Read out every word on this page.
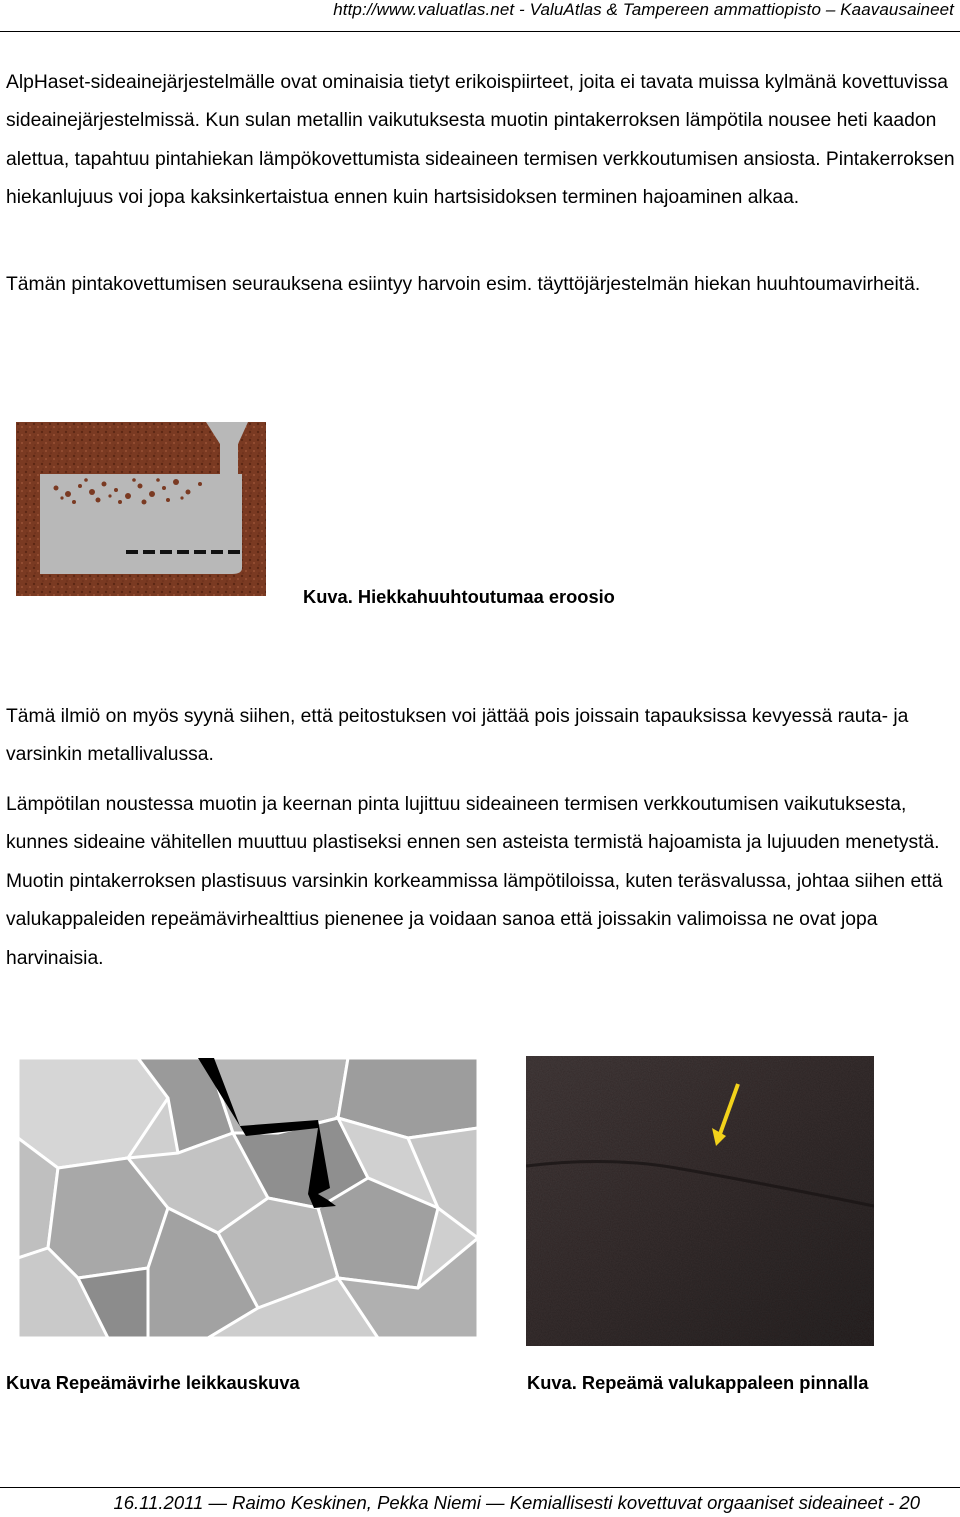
http://www.valuatlas.net - ValuAtlas & Tampereen ammattiopisto – Kaavausaineet

AlpHaset-sideainejärjestelmälle ovat ominaisia tietyt erikoispiirteet, joita ei tavata muissa kylmänä kovettuvissa sideainejärjestelmissä. Kun sulan metallin vaikutuksesta muotin pintakerroksen lämpötila nousee heti kaadon alettua, tapahtuu pintahiekan lämpökovettumista sideaineen termisen verkkoutumisen ansiosta. Pintakerroksen hiekanlujuus voi jopa kaksinkertaistua ennen kuin hartsisidoksen terminen hajoaminen alkaa.

Tämän pintakovettumisen seurauksena esiintyy harvoin esim. täyttöjärjestelmän hiekan huuhtoumavirheitä.

Kuva. Hiekkahuuhtoutumaa eroosio

Tämä ilmiö on myös syynä siihen, että peitostuksen voi jättää pois joissain tapauksissa kevyessä rauta- ja varsinkin metallivalussa.

Lämpötilan noustessa muotin ja keernan pinta lujittuu sideaineen termisen verkkoutumisen vaikutuksesta, kunnes sideaine vähitellen muuttuu plastiseksi ennen sen asteista termistä hajoamista ja lujuuden menetystä. Muotin pintakerroksen plastisuus varsinkin korkeammissa lämpötiloissa, kuten teräsvalussa, johtaa siihen että valukappaleiden repeämävirhealttius pienenee ja voidaan sanoa että joissakin valimoissa ne ovat jopa harvinaisia.

Kuva Repeämävirhe leikkauskuva	Kuva. Repeämä valukappaleen pinnalla
16.11.2011 ― Raimo Keskinen, Pekka Niemi ― Kemiallisesti kovettuvat orgaaniset sideaineet - 20
